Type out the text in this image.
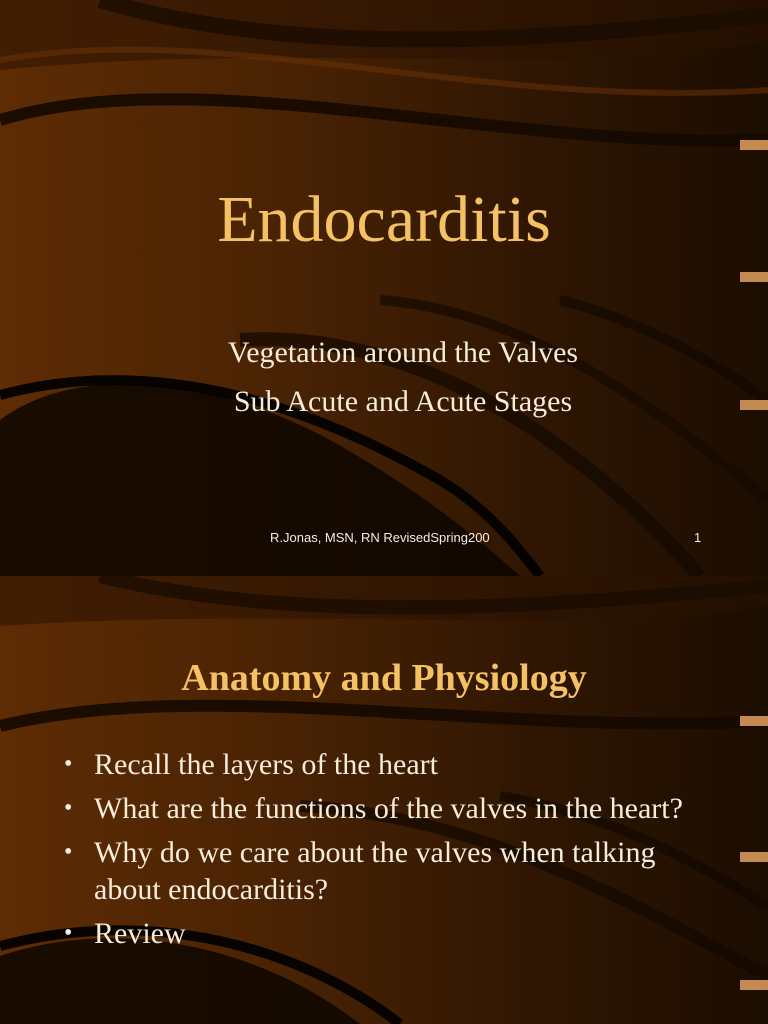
Endocarditis

Vegetation around the Valves

Sub Acute and Acute Stages

R.Jonas, MSN, RN RevisedSpring200	1
Anatomy and Physiology
• Recall the layers of the heart
• What are the functions of the valves in the heart?
• Why do we care about the valves when talking about endocarditis?
• Review
